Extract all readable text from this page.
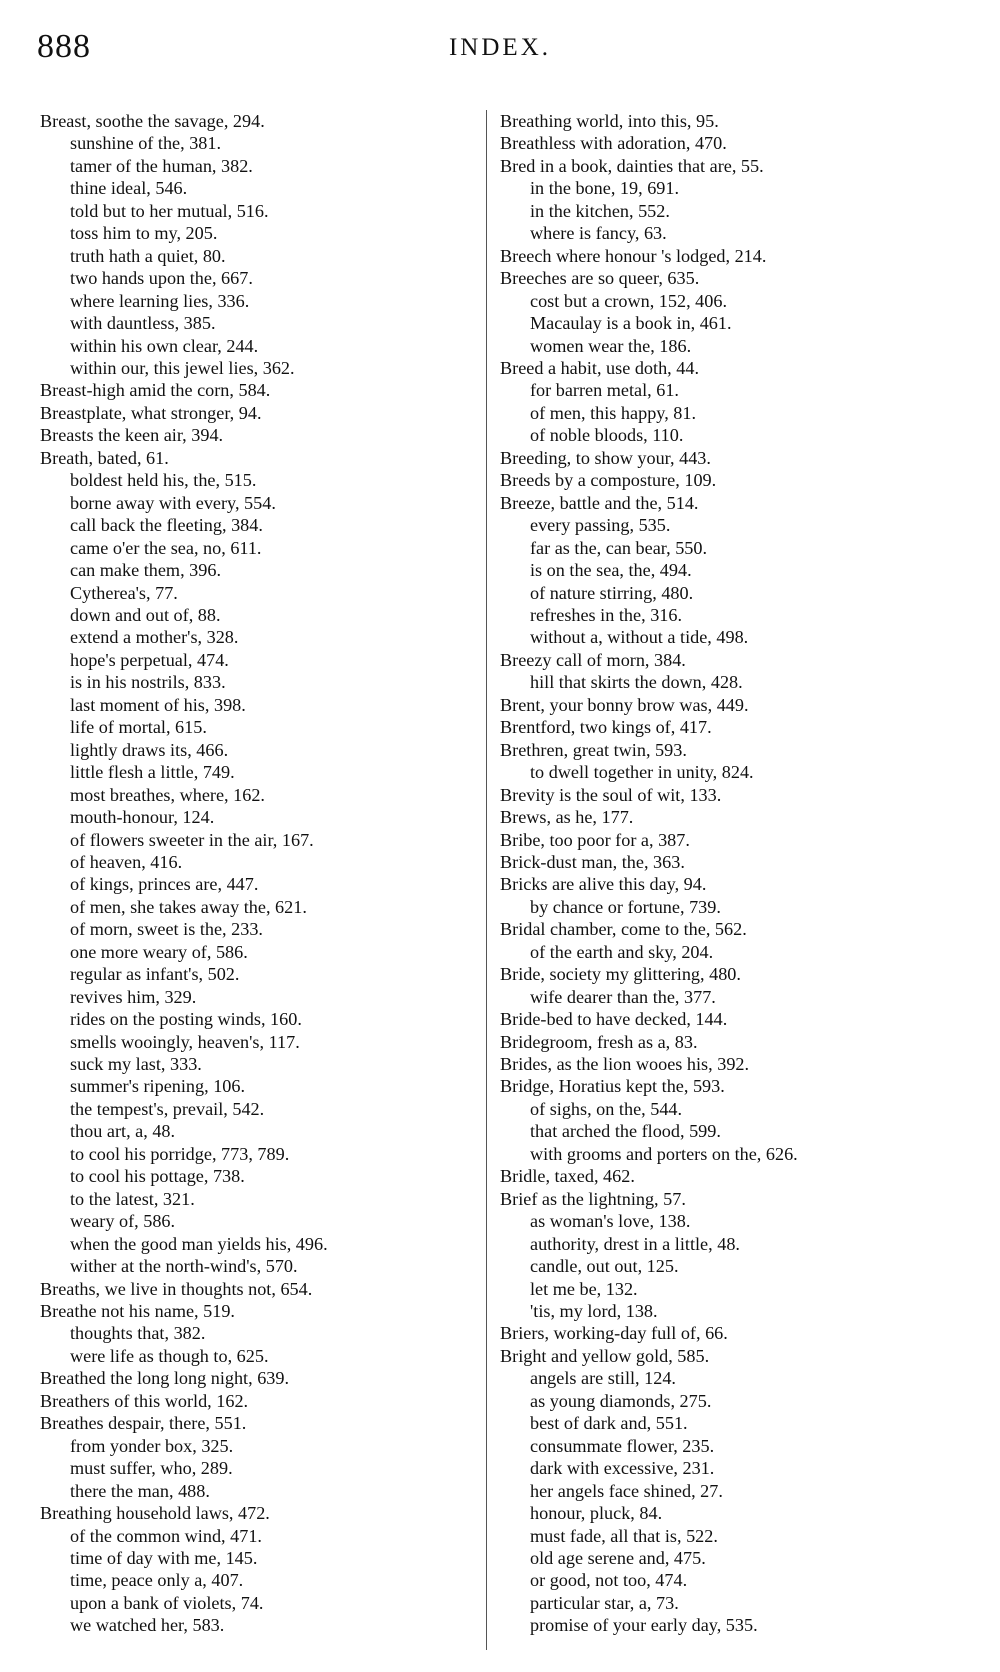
888	INDEX.
Breast, soothe the savage, 294.
sunshine of the, 381.
tamer of the human, 382.
thine ideal, 546.
told but to her mutual, 516.
toss him to my, 205.
truth hath a quiet, 80.
two hands upon the, 667.
where learning lies, 336.
with dauntless, 385.
within his own clear, 244.
within our, this jewel lies, 362.
Breast-high amid the corn, 584.
Breastplate, what stronger, 94.
Breasts the keen air, 394.
Breath, bated, 61.
boldest held his, the, 515.
borne away with every, 554.
call back the fleeting, 384.
came o'er the sea, no, 611.
can make them, 396.
Cytherea's, 77.
down and out of, 88.
extend a mother's, 328.
hope's perpetual, 474.
is in his nostrils, 833.
last moment of his, 398.
life of mortal, 615.
lightly draws its, 466.
little flesh a little, 749.
most breathes, where, 162.
mouth-honour, 124.
of flowers sweeter in the air, 167.
of heaven, 416.
of kings, princes are, 447.
of men, she takes away the, 621.
of morn, sweet is the, 233.
one more weary of, 586.
regular as infant's, 502.
revives him, 329.
rides on the posting winds, 160.
smells wooingly, heaven's, 117.
suck my last, 333.
summer's ripening, 106.
the tempest's, prevail, 542.
thou art, a, 48.
to cool his porridge, 773, 789.
to cool his pottage, 738.
to the latest, 321.
weary of, 586.
when the good man yields his, 496.
wither at the north-wind's, 570.
Breaths, we live in thoughts not, 654.
Breathe not his name, 519.
thoughts that, 382.
were life as though to, 625.
Breathed the long long night, 639.
Breathers of this world, 162.
Breathes despair, there, 551.
from yonder box, 325.
must suffer, who, 289.
there the man, 488.
Breathing household laws, 472.
of the common wind, 471.
time of day with me, 145.
time, peace only a, 407.
upon a bank of violets, 74.
we watched her, 583.
Breathing world, into this, 95.
Breathless with adoration, 470.
Bred in a book, dainties that are, 55.
in the bone, 19, 691.
in the kitchen, 552.
where is fancy, 63.
Breech where honour 's lodged, 214.
Breeches are so queer, 635.
cost but a crown, 152, 406.
Macaulay is a book in, 461.
women wear the, 186.
Breed a habit, use doth, 44.
for barren metal, 61.
of men, this happy, 81.
of noble bloods, 110.
Breeding, to show your, 443.
Breeds by a composture, 109.
Breeze, battle and the, 514.
every passing, 535.
far as the, can bear, 550.
is on the sea, the, 494.
of nature stirring, 480.
refreshes in the, 316.
without a, without a tide, 498.
Breezy call of morn, 384.
hill that skirts the down, 428.
Brent, your bonny brow was, 449.
Brentford, two kings of, 417.
Brethren, great twin, 593.
to dwell together in unity, 824.
Brevity is the soul of wit, 133.
Brews, as he, 177.
Bribe, too poor for a, 387.
Brick-dust man, the, 363.
Bricks are alive this day, 94.
by chance or fortune, 739.
Bridal chamber, come to the, 562.
of the earth and sky, 204.
Bride, society my glittering, 480.
wife dearer than the, 377.
Bride-bed to have decked, 144.
Bridegroom, fresh as a, 83.
Brides, as the lion wooes his, 392.
Bridge, Horatius kept the, 593.
of sighs, on the, 544.
that arched the flood, 599.
with grooms and porters on the, 626.
Bridle, taxed, 462.
Brief as the lightning, 57.
as woman's love, 138.
authority, drest in a little, 48.
candle, out out, 125.
let me be, 132.
'tis, my lord, 138.
Briers, working-day full of, 66.
Bright and yellow gold, 585.
angels are still, 124.
as young diamonds, 275.
best of dark and, 551.
consummate flower, 235.
dark with excessive, 231.
her angels face shined, 27.
honour, pluck, 84.
must fade, all that is, 522.
old age serene and, 475.
or good, not too, 474.
particular star, a, 73.
promise of your early day, 535.
